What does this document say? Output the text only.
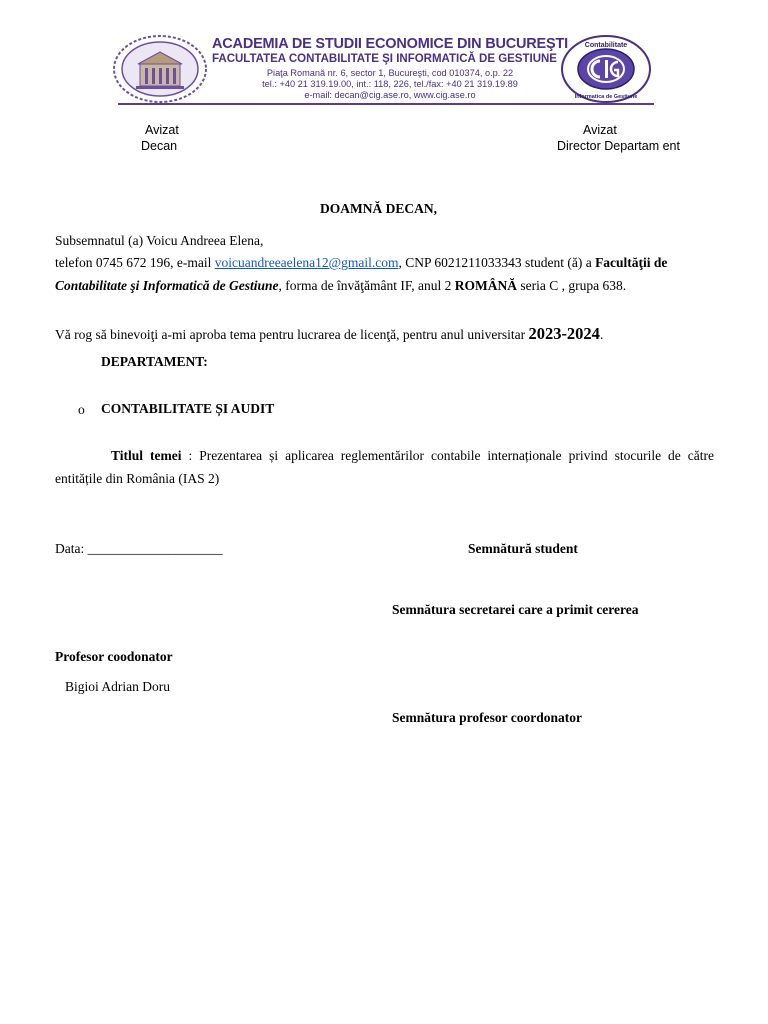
ACADEMIA DE STUDII ECONOMICE DIN BUCUREŞTI
FACULTATEA CONTABILITATE ŞI INFORMATICĂ DE GESTIUNE
Piaţa Romană nr. 6, sector 1, Bucureşti, cod 010374, o.p. 22
tel.: +40 21 319.19.00, int.: 118, 226, tel./fax: +40 21 319.19.89
e-mail: decan@cig.ase.ro, www.cig.ase.ro
Contabilitate
Informatica de Gestiune
Avizat
Decan
Avizat
Director Departam ent
DOAMNĂ DECAN,
Subsemnatul (a) Voicu Andreea Elena,
telefon 0745 672 196, e-mail voicuandreeaelena12@gmail.com, CNP 6021211033343 student (ă) a Facultăţii de
Contabilitate şi Informatică de Gestiune, forma de învăţământ IF, anul 2 ROMÂNĂ seria C , grupa 638.
Vă rog să binevoiţi a-mi aproba tema pentru lucrarea de licenţă, pentru anul universitar 2023-2024.
DEPARTAMENT:
o CONTABILITATE ȘI AUDIT
Titlul temei : Prezentarea și aplicarea reglementărilor contabile internaționale privind stocurile de către entitățile din România (IAS 2)
Data: ____________________	Semnătură student
Semnătura secretarei care a primit cererea
Profesor coodonator
Bigioi Adrian Doru
Semnătura profesor coordonator
